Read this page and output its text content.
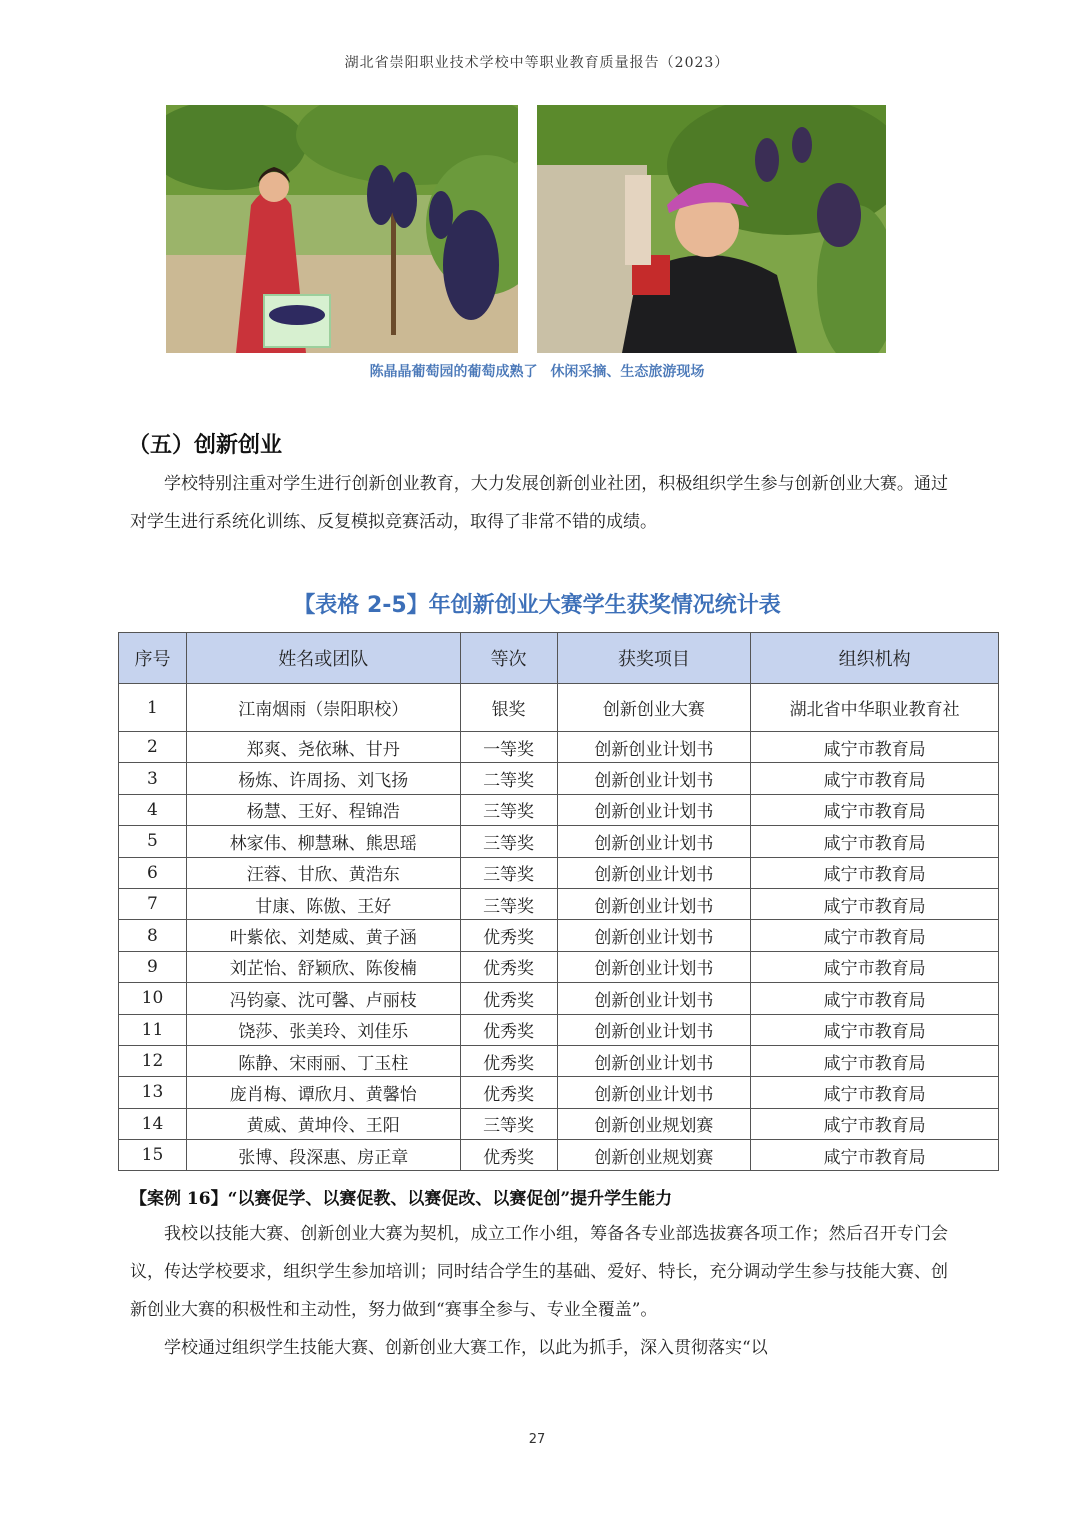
湖北省崇阳职业技术学校中等职业教育质量报告（2023）
陈晶晶葡萄园的葡萄成熟了 休闲采摘、生态旅游现场
（五）创新创业

学校特别注重对学生进行创新创业教育，大力发展创新创业社团，积极组织学生参与创新创业大赛。通过对学生进行系统化训练、反复模拟竞赛活动，取得了非常不错的成绩。

【表格 2-5】年创新创业大赛学生获奖情况统计表
序号	姓名或团队	等次	获奖项目	组织机构
1	江南烟雨（崇阳职校）	银奖	创新创业大赛	湖北省中华职业教育社
2	郑爽、尧依琳、甘丹	一等奖	创新创业计划书	咸宁市教育局
3	杨炼、许周扬、刘飞扬	二等奖	创新创业计划书	咸宁市教育局
4	杨慧、王好、程锦浩	三等奖	创新创业计划书	咸宁市教育局
5	林家伟、柳慧琳、熊思瑶	三等奖	创新创业计划书	咸宁市教育局
6	汪蓉、甘欣、黄浩东	三等奖	创新创业计划书	咸宁市教育局
7	甘康、陈傲、王好	三等奖	创新创业计划书	咸宁市教育局
8	叶紫依、刘楚威、黄子涵	优秀奖	创新创业计划书	咸宁市教育局
9	刘芷怡、舒颖欣、陈俊楠	优秀奖	创新创业计划书	咸宁市教育局
10	冯钧豪、沈可馨、卢丽枝	优秀奖	创新创业计划书	咸宁市教育局
11	饶莎、张美玲、刘佳乐	优秀奖	创新创业计划书	咸宁市教育局
12	陈静、宋雨丽、丁玉柱	优秀奖	创新创业计划书	咸宁市教育局
13	庞肖梅、谭欣月、黄馨怡	优秀奖	创新创业计划书	咸宁市教育局
14	黄威、黄坤伶、王阳	三等奖	创新创业规划赛	咸宁市教育局
15	张博、段深惠、房正章	优秀奖	创新创业规划赛	咸宁市教育局
【案例 16】“以赛促学、以赛促教、以赛促改、以赛促创”提升学生能力

我校以技能大赛、创新创业大赛为契机，成立工作小组，筹备各专业部选拔赛各项工作；然后召开专门会议，传达学校要求，组织学生参加培训；同时结合学生的基础、爱好、特长，充分调动学生参与技能大赛、创新创业大赛的积极性和主动性，努力做到“赛事全参与、专业全覆盖”。

学校通过组织学生技能大赛、创新创业大赛工作，以此为抓手，深入贯彻落实“以

27
